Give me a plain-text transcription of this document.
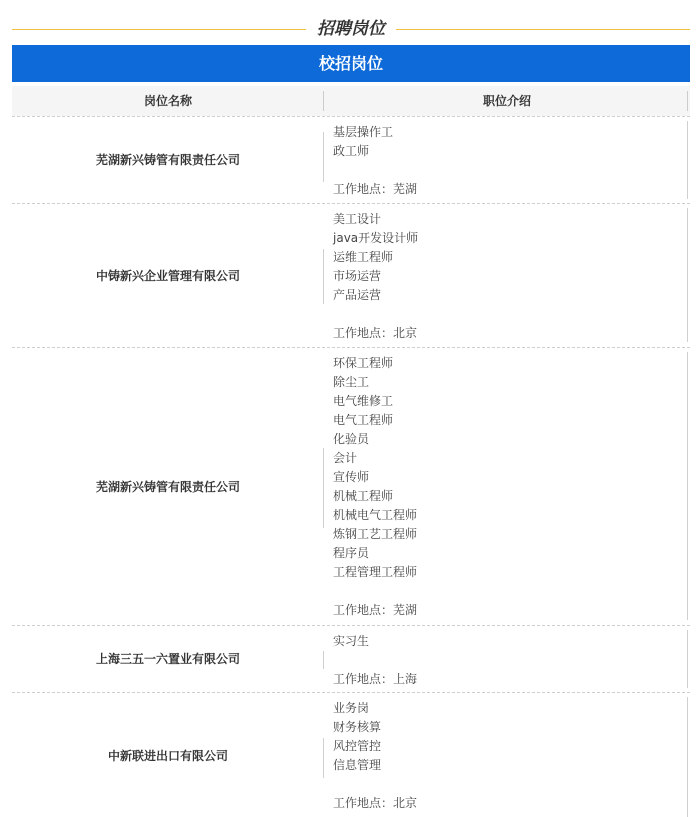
招聘岗位
校招岗位
岗位名称	职位介绍
芜湖新兴铸管有限责任公司
基层操作工
政工师
工作地点：芜湖
中铸新兴企业管理有限公司
美工设计
java开发设计师
运维工程师
市场运营
产品运营
工作地点：北京
芜湖新兴铸管有限责任公司
环保工程师
除尘工
电气维修工
电气工程师
化验员
会计
宣传师
机械工程师
机械电气工程师
炼钢工艺工程师
程序员
工程管理工程师
工作地点：芜湖
上海三五一六置业有限公司
实习生
工作地点：上海
中新联进出口有限公司
业务岗
财务核算
风控管控
信息管理
工作地点：北京
